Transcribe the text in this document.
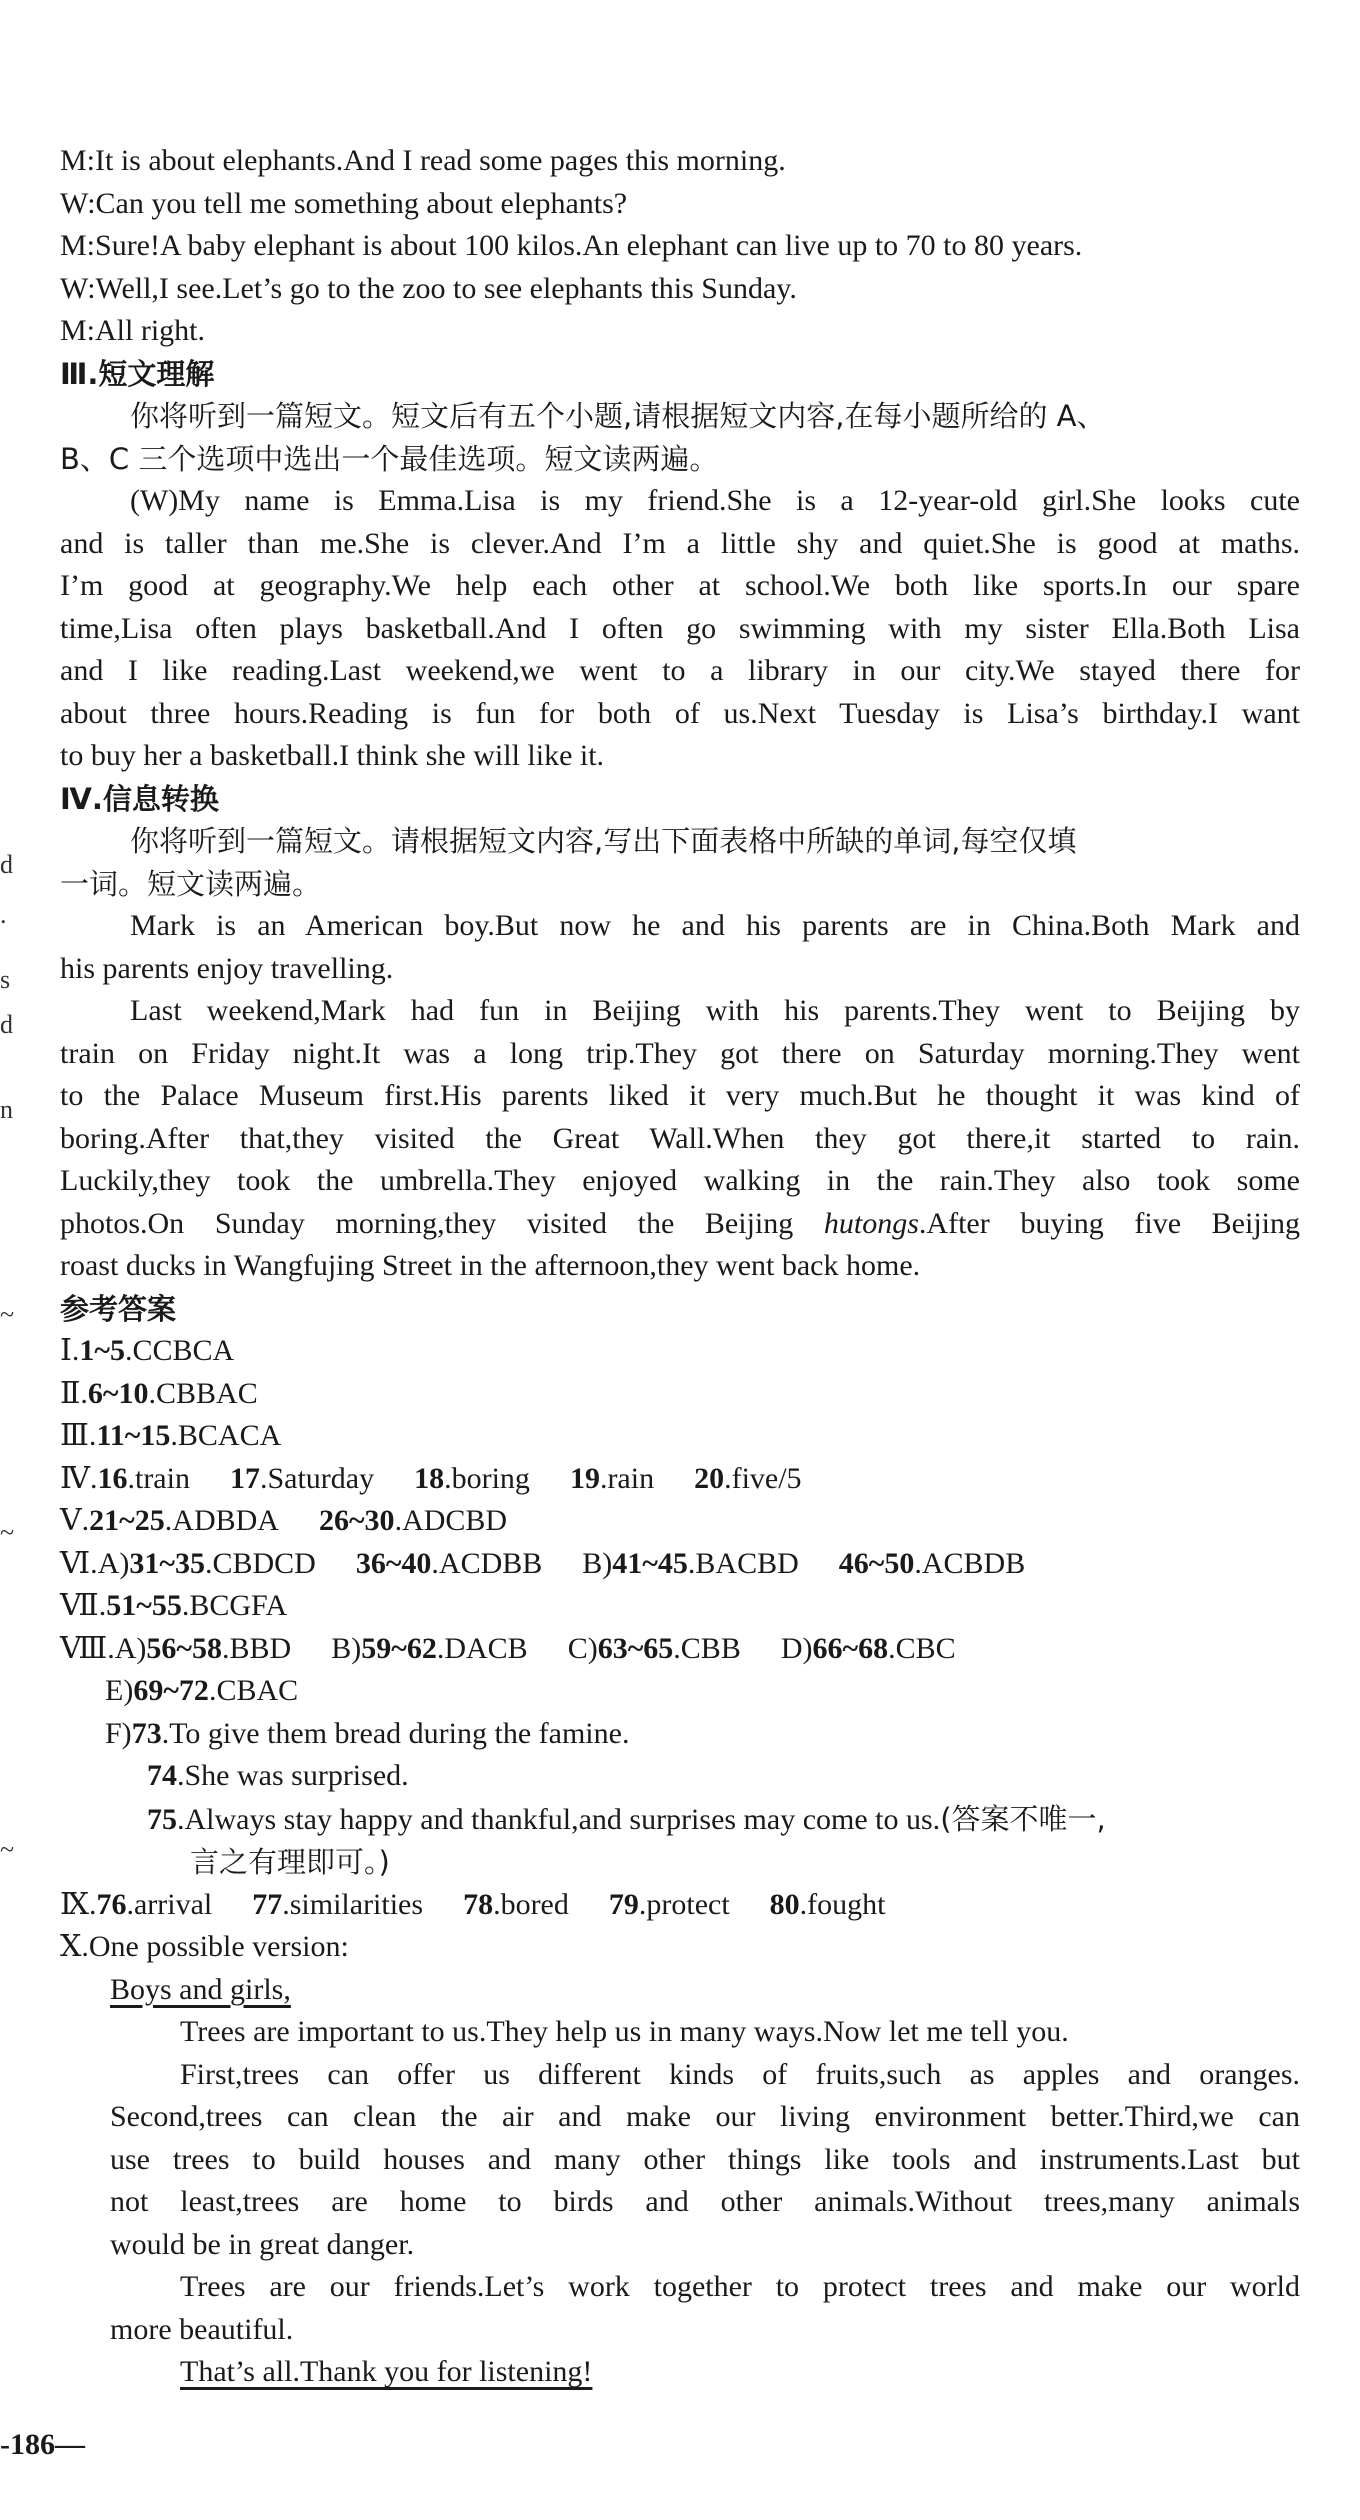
M:It is about elephants.And I read some pages this morning.
W:Can you tell me something about elephants?
M:Sure!A baby elephant is about 100 kilos.An elephant can live up to 70 to 80 years.
W:Well,I see.Let’s go to the zoo to see elephants this Sunday.
M:All right.
Ⅲ.短文理解
你将听到一篇短文。短文后有五个小题,请根据短文内容,在每小题所给的 A、
B、C 三个选项中选出一个最佳选项。短文读两遍。
(W)My name is Emma.Lisa is my friend.She is a 12-year-old girl.She looks cute
and is taller than me.She is clever.And I’m a little shy and quiet.She is good at maths.
I’m good at geography.We help each other at school.We both like sports.In our spare
time,Lisa often plays basketball.And I often go swimming with my sister Ella.Both Lisa
and I like reading.Last weekend,we went to a library in our city.We stayed there for
about three hours.Reading is fun for both of us.Next Tuesday is Lisa’s birthday.I want
to buy her a basketball.I think she will like it.
Ⅳ.信息转换
你将听到一篇短文。请根据短文内容,写出下面表格中所缺的单词,每空仅填
一词。短文读两遍。
Mark is an American boy.But now he and his parents are in China.Both Mark and
his parents enjoy travelling.
Last weekend,Mark had fun in Beijing with his parents.They went to Beijing by
train on Friday night.It was a long trip.They got there on Saturday morning.They went
to the Palace Museum first.His parents liked it very much.But he thought it was kind of
boring.After that,they visited the Great Wall.When they got there,it started to rain.
Luckily,they took the umbrella.They enjoyed walking in the rain.They also took some
photos.On Sunday morning,they visited the Beijing hutongs.After buying five Beijing
roast ducks in Wangfujing Street in the afternoon,they went back home.
参考答案
Ⅰ.1~5.CCBCA
Ⅱ.6~10.CBBAC
Ⅲ.11~15.BCACA
Ⅳ.16.train 17.Saturday 18.boring 19.rain 20.five/5
Ⅴ.21~25.ADBDA 26~30.ADCBD
Ⅵ.A)31~35.CBDCD 36~40.ACDBB B)41~45.BACBD 46~50.ACBDB
Ⅶ.51~55.BCGFA
Ⅷ.A)56~58.BBD B)59~62.DACB C)63~65.CBB D)66~68.CBC
E)69~72.CBAC
F)73.To give them bread during the famine.
74.She was surprised.
75.Always stay happy and thankful,and surprises may come to us.(答案不唯一,
言之有理即可。)
Ⅸ.76.arrival 77.similarities 78.bored 79.protect 80.fought
Ⅹ.One possible version:
Boys and girls,
Trees are important to us.They help us in many ways.Now let me tell you.
First,trees can offer us different kinds of fruits,such as apples and oranges.
Second,trees can clean the air and make our living environment better.Third,we can
use trees to build houses and many other things like tools and instruments.Last but
not least,trees are home to birds and other animals.Without trees,many animals
would be in great danger.
Trees are our friends.Let’s work together to protect trees and make our world
more beautiful.
That’s all.Thank you for listening!
-186—
d
.
s
d
n
~
~
~
